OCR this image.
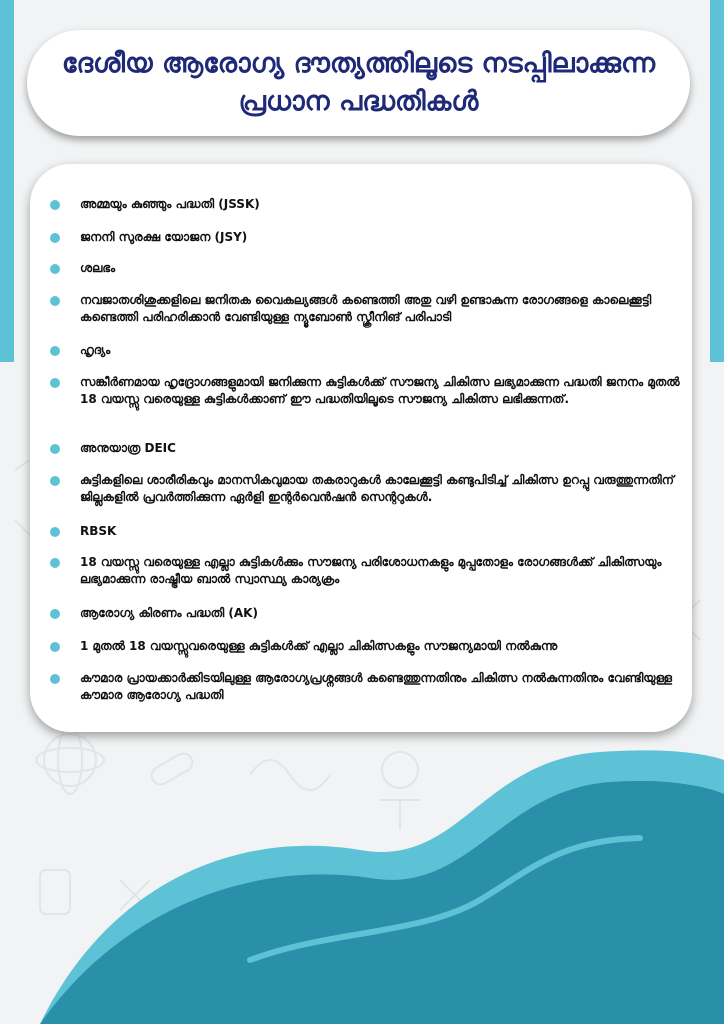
ദേശീയ ആരോഗ്യ ദൗത്യത്തിലൂടെ നടപ്പിലാക്കുന്ന
പ്രധാന പദ്ധതികൾ
അമ്മയും കുഞ്ഞും പദ്ധതി (JSSK)
ജനനി സുരക്ഷ യോജന (JSY)
ശലഭം
നവജാതശിശുക്കളിലെ ജനിതക വൈകല്യങ്ങൾ കണ്ടെത്തി അതു വഴി ഉണ്ടാകുന്ന രോഗങ്ങളെ കാലെക്കൂട്ടി കണ്ടെത്തി പരിഹരിക്കാൻ വേണ്ടിയുള്ള ന്യൂബോൺ സ്ക്രീനിങ് പരിപാടി
ഹൃദ്യം
സങ്കീർണമായ ഹൃദ്രോഗങ്ങളുമായി ജനിക്കുന്ന കുട്ടികൾക്ക് സൗജന്യ ചികിത്സ ലഭ്യമാക്കുന്ന പദ്ധതി ജനനം മുതൽ 18 വയസ്സു വരെയുള്ള കുട്ടികൾക്കാണ് ഈ പദ്ധതിയിലൂടെ സൗജന്യ ചികിത്സ ലഭിക്കുന്നത്.
അനുയാത്ര DEIC
കുട്ടികളിലെ ശാരീരികവും മാനസികവുമായ തകരാറുകൾ കാലേക്കൂട്ടി കണ്ടുപിടിച്ച് ചികിത്സ ഉറപ്പു വരുത്തുന്നതിന് ജില്ലകളിൽ പ്രവർത്തിക്കുന്ന ഏർളി ഇന്റർവെൻഷൻ സെന്ററുകൾ.
RBSK
18 വയസ്സു വരെയുള്ള എല്ലാ കുട്ടികൾക്കും സൗജന്യ പരിശോധനകളും മുപ്പതോളം രോഗങ്ങൾക്ക് ചികിത്സയും ലഭ്യമാക്കുന്ന രാഷ്ട്രീയ ബാൽ സ്വാസ്ഥ്യ കാര്യക്രം
ആരോഗ്യ കിരണം പദ്ധതി (AK)
1 മുതൽ 18 വയസ്സുവരെയുള്ള കുട്ടികൾക്ക് എല്ലാ ചികിത്സകളും സൗജന്യമായി നൽകുന്നു
കൗമാര പ്രായക്കാർക്കിടയിലുള്ള ആരോഗ്യപ്രശ്നങ്ങൾ കണ്ടെത്തുന്നതിനും ചികിത്സ നൽകുന്നതിനും വേണ്ടിയുള്ള കൗമാര ആരോഗ്യ പദ്ധതി
